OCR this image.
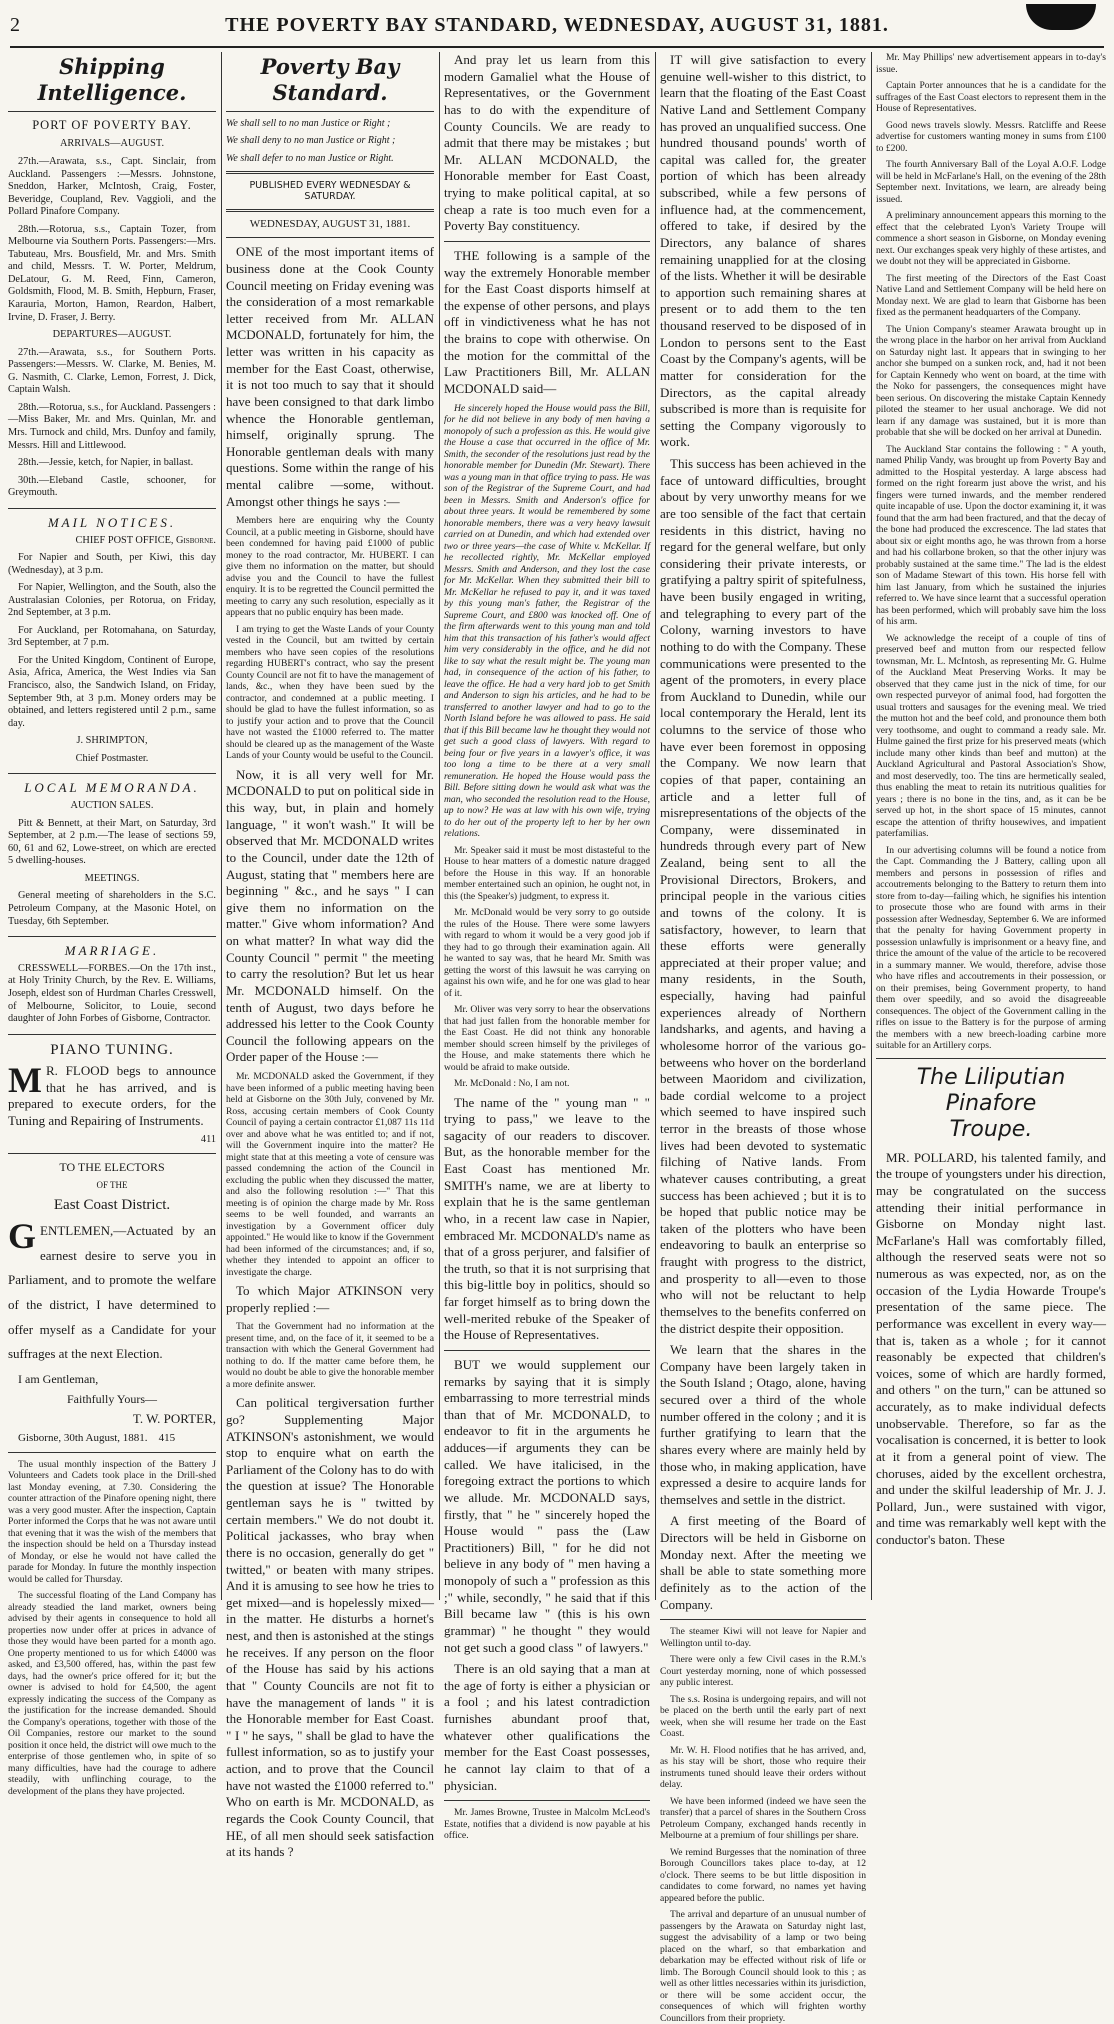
2	THE POVERTY BAY STANDARD, WEDNESDAY, AUGUST 31, 1881.
Shipping Intelligence.

PORT OF POVERTY BAY.

ARRIVALS—AUGUST.

27th.—Arawata, s.s., Capt. Sinclair, from Auckland. Passengers :—Messrs. Johnstone, Sneddon, Harker, McIntosh, Craig, Foster, Beveridge, Coupland, Rev. Vaggioli, and the Pollard Pinafore Company.

28th.—Rotorua, s.s., Captain Tozer, from Melbourne via Southern Ports. Passengers:—Mrs. Tabuteau, Mrs. Bousfield, Mr. and Mrs. Smith and child, Messrs. T. W. Porter, Meldrum, DeLatour, G. M. Reed, Finn, Cameron, Goldsmith, Flood, M. B. Smith, Hepburn, Fraser, Karauria, Morton, Hamon, Reardon, Halbert, Irvine, D. Fraser, J. Berry.

DEPARTURES—AUGUST.

27th.—Arawata, s.s., for Southern Ports. Passengers:—Messrs. W. Clarke, M. Benies, M. G. Nasmith, C. Clarke, Lemon, Forrest, J. Dick, Captain Walsh.

28th.—Rotorua, s.s., for Auckland. Passengers :—Miss Baker, Mr. and Mrs. Quinlan, Mr. and Mrs. Turnock and child, Mrs. Dunfoy and family, Messrs. Hill and Littlewood.

28th.—Jessie, ketch, for Napier, in ballast.

30th.—Eleband Castle, schooner, for Greymouth.

MAIL NOTICES.

CHIEF POST OFFICE, Gisborne.

For Napier and South, per Kiwi, this day (Wednesday), at 3 p.m.

For Napier, Wellington, and the South, also the Australasian Colonies, per Rotorua, on Friday, 2nd September, at 3 p.m.

For Auckland, per Rotomahana, on Saturday, 3rd September, at 7 p.m.

For the United Kingdom, Continent of Europe, Asia, Africa, America, the West Indies via San Francisco, also, the Sandwich Island, on Friday, September 9th, at 3 p.m. Money orders may be obtained, and letters registered until 2 p.m., same day.

J. SHRIMPTON,

Chief Postmaster.

LOCAL MEMORANDA.

AUCTION SALES.

Pitt & Bennett, at their Mart, on Saturday, 3rd September, at 2 p.m.—The lease of sections 59, 60, 61 and 62, Lowe-street, on which are erected 5 dwelling-houses.

MEETINGS.

General meeting of shareholders in the S.C. Petroleum Company, at the Masonic Hotel, on Tuesday, 6th September.

MARRIAGE.

CRESSWELL—FORBES.—On the 17th inst., at Holy Trinity Church, by the Rev. E. Williams, Joseph, eldest son of Hurdman Charles Cresswell, of Melbourne, Solicitor, to Louie, second daughter of John Forbes of Gisborne, Contractor.

PIANO TUNING.

M R. FLOOD begs to announce that he has arrived, and is prepared to execute orders, for the Tuning and Repairing of Instruments.

411

TO THE ELECTORS

OF THE

East Coast District.

GENTLEMEN,—Actuated by an earnest desire to serve you in Parliament, and to promote the welfare of the district, I have determined to offer myself as a Candidate for your suffrages at the next Election.

I am Gentleman,

Faithfully Yours—

T. W. PORTER,

Gisborne, 30th August, 1881. 415

The usual monthly inspection of the Battery J Volunteers and Cadets took place in the Drill-shed last Monday evening, at 7.30. Considering the counter attraction of the Pinafore opening night, there was a very good muster. After the inspection, Captain Porter informed the Corps that he was not aware until that evening that it was the wish of the members that the inspection should be held on a Thursday instead of Monday, or else he would not have called the parade for Monday. In future the monthly inspection would be called for Thursday.

The successful floating of the Land Company has already steadied the land market, owners being advised by their agents in consequence to hold all properties now under offer at prices in advance of those they would have been parted for a month ago. One property mentioned to us for which £4000 was asked, and £3,500 offered, has, within the past few days, had the owner's price offered for it; but the owner is advised to hold for £4,500, the agent expressly indicating the success of the Company as the justification for the increase demanded. Should the Company's operations, together with those of the Oil Companies, restore our market to the sound position it once held, the district will owe much to the enterprise of those gentlemen who, in spite of so many difficulties, have had the courage to adhere steadily, with unflinching courage, to the development of the plans they have projected.

Poverty Bay Standard.

We shall sell to no man Justice or Right ;

We shall deny to no man Justice or Right ;

We shall defer to no man Justice or Right.

PUBLISHED EVERY WEDNESDAY & SATURDAY.

WEDNESDAY, AUGUST 31, 1881.

ONE of the most important items of business done at the Cook County Council meeting on Friday evening was the consideration of a most remarkable letter received from Mr. ALLAN MCDONALD, fortunately for him, the letter was written in his capacity as member for the East Coast, otherwise, it is not too much to say that it should have been consigned to that dark limbo whence the Honorable gentleman, himself, originally sprung. The Honorable gentleman deals with many questions. Some within the range of his mental calibre —some, without. Amongst other things he says :—

Members here are enquiring why the County Council, at a public meeting in Gisborne, should have been condemned for having paid £1000 of public money to the road contractor, Mr. HUBERT. I can give them no information on the matter, but should advise you and the Council to have the fullest enquiry. It is to be regretted the Council permitted the meeting to carry any such resolution, especially as it appears that no public enquiry has been made.

I am trying to get the Waste Lands of your County vested in the Council, but am twitted by certain members who have seen copies of the resolutions regarding HUBERT's contract, who say the present County Council are not fit to have the management of lands, &c., when they have been sued by the contractor, and condemned at a public meeting. I should be glad to have the fullest information, so as to justify your action and to prove that the Council have not wasted the £1000 referred to. The matter should be cleared up as the management of the Waste Lands of your County would be useful to the Council.

Now, it is all very well for Mr. MCDONALD to put on political side in this way, but, in plain and homely language, " it won't wash." It will be observed that Mr. MCDONALD writes to the Council, under date the 12th of August, stating that " members here are beginning " &c., and he says " I can give them no information on the matter." Give whom information? And on what matter? In what way did the County Council " permit " the meeting to carry the resolution? But let us hear Mr. MCDONALD himself. On the tenth of August, two days before he addressed his letter to the Cook County Council the following appears on the Order paper of the House :—

Mr. MCDONALD asked the Government, if they have been informed of a public meeting having been held at Gisborne on the 30th July, convened by Mr. Ross, accusing certain members of Cook County Council of paying a certain contractor £1,087 11s 11d over and above what he was entitled to; and if not, will the Government inquire into the matter? He might state that at this meeting a vote of censure was passed condemning the action of the Council in excluding the public when they discussed the matter, and also the following resolution :—" That this meeting is of opinion the charge made by Mr. Ross seems to be well founded, and warrants an investigation by a Government officer duly appointed." He would like to know if the Government had been informed of the circumstances; and, if so, whether they intended to appoint an officer to investigate the charge.

To which Major ATKINSON very properly replied :—

That the Government had no information at the present time, and, on the face of it, it seemed to be a transaction with which the General Government had nothing to do. If the matter came before them, he would no doubt be able to give the honorable member a more definite answer.

Can political tergiversation further go? Supplementing Major ATKINSON's astonishment, we would stop to enquire what on earth the Parliament of the Colony has to do with the question at issue? The Honorable gentleman says he is " twitted by certain members." We do not doubt it. Political jackasses, who bray when there is no occasion, generally do get " twitted," or beaten with many stripes. And it is amusing to see how he tries to get mixed—and is hopelessly mixed—in the matter. He disturbs a hornet's nest, and then is astonished at the stings he receives. If any person on the floor of the House has said by his actions that " County Councils are not fit to have the management of lands " it is the Honorable member for East Coast. " I " he says, " shall be glad to have the fullest information, so as to justify your action, and to prove that the Council have not wasted the £1000 referred to." Who on earth is Mr. MCDONALD, as regards the Cook County Council, that HE, of all men should seek satisfaction at its hands ?

And pray let us learn from this modern Gamaliel what the House of Representatives, or the Government has to do with the expenditure of County Councils. We are ready to admit that there may be mistakes ; but Mr. ALLAN MCDONALD, the Honorable member for East Coast, trying to make political capital, at so cheap a rate is too much even for a Poverty Bay constituency.

THE following is a sample of the way the extremely Honorable member for the East Coast disports himself at the expense of other persons, and plays off in vindictiveness what he has not the brains to cope with otherwise. On the motion for the committal of the Law Practitioners Bill, Mr. ALLAN MCDONALD said—

He sincerely hoped the House would pass the Bill, for he did not believe in any body of men having a monopoly of such a profession as this. He would give the House a case that occurred in the office of Mr. Smith, the seconder of the resolutions just read by the honorable member for Dunedin (Mr. Stewart). There was a young man in that office trying to pass. He was son of the Registrar of the Supreme Court, and had been in Messrs. Smith and Anderson's office for about three years. It would be remembered by some honorable members, there was a very heavy lawsuit carried on at Dunedin, and which had extended over two or three years—the case of White v. McKellar. If he recollected rightly, Mr. McKellar employed Messrs. Smith and Anderson, and they lost the case for Mr. McKellar. When they submitted their bill to Mr. McKellar he refused to pay it, and it was taxed by this young man's father, the Registrar of the Supreme Court, and £800 was knocked off. One of the firm afterwards went to this young man and told him that this transaction of his father's would affect him very considerably in the office, and he did not like to say what the result might be. The young man had, in consequence of the action of his father, to leave the office. He had a very hard job to get Smith and Anderson to sign his articles, and he had to be transferred to another lawyer and had to go to the North Island before he was allowed to pass. He said that if this Bill became law he thought they would not get such a good class of lawyers. With regard to being four or five years in a lawyer's office, it was too long a time to be there at a very small remuneration. He hoped the House would pass the Bill. Before sitting down he would ask what was the man, who seconded the resolution read to the House, up to now? He was at law with his own wife, trying to do her out of the property left to her by her own relations.

Mr. Speaker said it must be most distasteful to the House to hear matters of a domestic nature dragged before the House in this way. If an honorable member entertained such an opinion, he ought not, in this (the Speaker's) judgment, to express it.

Mr. McDonald would be very sorry to go outside the rules of the House. There were some lawyers with regard to whom it would be a very good job if they had to go through their examination again. All he wanted to say was, that he heard Mr. Smith was getting the worst of this lawsuit he was carrying on against his own wife, and he for one was glad to hear of it.

Mr. Oliver was very sorry to hear the observations that had just fallen from the honorable member for the East Coast. He did not think any honorable member should screen himself by the privileges of the House, and make statements there which he would be afraid to make outside.

Mr. McDonald : No, I am not.

The name of the " young man " " trying to pass," we leave to the sagacity of our readers to discover. But, as the honorable member for the East Coast has mentioned Mr. SMITH's name, we are at liberty to explain that he is the same gentleman who, in a recent law case in Napier, embraced Mr. MCDONALD's name as that of a gross perjurer, and falsifier of the truth, so that it is not surprising that this big-little boy in politics, should so far forget himself as to bring down the well-merited rebuke of the Speaker of the House of Representatives.

BUT we would supplement our remarks by saying that it is simply embarrassing to more terrestrial minds than that of Mr. MCDONALD, to endeavor to fit in the arguments he adduces—if arguments they can be called. We have italicised, in the foregoing extract the portions to which we allude. Mr. MCDONALD says, firstly, that " he " sincerely hoped the House would " pass the (Law Practitioners) Bill, " for he did not believe in any body of " men having a monopoly of such a " profession as this ;" while, secondly, " he said that if this Bill became law " (this is his own grammar) " he thought " they would not get such a good class " of lawyers."

There is an old saying that a man at the age of forty is either a physician or a fool ; and his latest contradiction furnishes abundant proof that, whatever other qualifications the member for the East Coast possesses, he cannot lay claim to that of a physician.

Mr. James Browne, Trustee in Malcolm McLeod's Estate, notifies that a dividend is now payable at his office.

IT will give satisfaction to every genuine well-wisher to this district, to learn that the floating of the East Coast Native Land and Settlement Company has proved an unqualified success. One hundred thousand pounds' worth of capital was called for, the greater portion of which has been already subscribed, while a few persons of influence had, at the commencement, offered to take, if desired by the Directors, any balance of shares remaining unapplied for at the closing of the lists. Whether it will be desirable to apportion such remaining shares at present or to add them to the ten thousand reserved to be disposed of in London to persons sent to the East Coast by the Company's agents, will be matter for consideration for the Directors, as the capital already subscribed is more than is requisite for setting the Company vigorously to work.

This success has been achieved in the face of untoward difficulties, brought about by very unworthy means for we are too sensible of the fact that certain residents in this district, having no regard for the general welfare, but only considering their private interests, or gratifying a paltry spirit of spitefulness, have been busily engaged in writing, and telegraphing to every part of the Colony, warning investors to have nothing to do with the Company. These communications were presented to the agent of the promoters, in every place from Auckland to Dunedin, while our local contemporary the Herald, lent its columns to the service of those who have ever been foremost in opposing the Company. We now learn that copies of that paper, containing an article and a letter full of misrepresentations of the objects of the Company, were disseminated in hundreds through every part of New Zealand, being sent to all the Provisional Directors, Brokers, and principal people in the various cities and towns of the colony. It is satisfactory, however, to learn that these efforts were generally appreciated at their proper value; and many residents, in the South, especially, having had painful experiences already of Northern landsharks, and agents, and having a wholesome horror of the various go-betweens who hover on the borderland between Maoridom and civilization, bade cordial welcome to a project which seemed to have inspired such terror in the breasts of those whose lives had been devoted to systematic filching of Native lands. From whatever causes contributing, a great success has been achieved ; but it is to be hoped that public notice may be taken of the plotters who have been endeavoring to baulk an enterprise so fraught with progress to the district, and prosperity to all—even to those who will not be reluctant to help themselves to the benefits conferred on the district despite their opposition.

We learn that the shares in the Company have been largely taken in the South Island ; Otago, alone, having secured over a third of the whole number offered in the colony ; and it is further gratifying to learn that the shares every where are mainly held by those who, in making application, have expressed a desire to acquire lands for themselves and settle in the district.

A first meeting of the Board of Directors will be held in Gisborne on Monday next. After the meeting we shall be able to state something more definitely as to the action of the Company.

The steamer Kiwi will not leave for Napier and Wellington until to-day.

There were only a few Civil cases in the R.M.'s Court yesterday morning, none of which possessed any public interest.

The s.s. Rosina is undergoing repairs, and will not be placed on the berth until the early part of next week, when she will resume her trade on the East Coast.

Mr. W. H. Flood notifies that he has arrived, and, as his stay will be short, those who require their instruments tuned should leave their orders without delay.

We have been informed (indeed we have seen the transfer) that a parcel of shares in the Southern Cross Petroleum Company, exchanged hands recently in Melbourne at a premium of four shillings per share.

We remind Burgesses that the nomination of three Borough Councillors takes place to-day, at 12 o'clock. There seems to be but little disposition in candidates to come forward, no names yet having appeared before the public.

The arrival and departure of an unusual number of passengers by the Arawata on Saturday night last, suggest the advisability of a lamp or two being placed on the wharf, so that embarkation and debarkation may be effected without risk of life or limb. The Borough Council should look to this ; as well as other littles necessaries within its jurisdiction, or there will be some accident occur, the consequences of which will frighten worthy Councillors from their propriety.

Mr. May Phillips' new advertisement appears in to-day's issue.

Captain Porter announces that he is a candidate for the suffrages of the East Coast electors to represent them in the House of Representatives.

Good news travels slowly. Messrs. Ratcliffe and Reese advertise for customers wanting money in sums from £100 to £200.

The fourth Anniversary Ball of the Loyal A.O.F. Lodge will be held in McFarlane's Hall, on the evening of the 28th September next. Invitations, we learn, are already being issued.

A preliminary announcement appears this morning to the effect that the celebrated Lyon's Variety Troupe will commence a short season in Gisborne, on Monday evening next. Our exchanges speak very highly of these artistes, and we doubt not they will be appreciated in Gisborne.

The first meeting of the Directors of the East Coast Native Land and Settlement Company will be held here on Monday next. We are glad to learn that Gisborne has been fixed as the permanent headquarters of the Company.

The Union Company's steamer Arawata brought up in the wrong place in the harbor on her arrival from Auckland on Saturday night last. It appears that in swinging to her anchor she bumped on a sunken rock, and, had it not been for Captain Kennedy who went on board, at the time with the Noko for passengers, the consequences might have been serious. On discovering the mistake Captain Kennedy piloted the steamer to her usual anchorage. We did not learn if any damage was sustained, but it is more than probable that she will be docked on her arrival at Dunedin.

The Auckland Star contains the following : " A youth, named Philip Vandy, was brought up from Poverty Bay and admitted to the Hospital yesterday. A large abscess had formed on the right forearm just above the wrist, and his fingers were turned inwards, and the member rendered quite incapable of use. Upon the doctor examining it, it was found that the arm had been fractured, and that the decay of the bone had produced the excrescence. The lad states that about six or eight months ago, he was thrown from a horse and had his collarbone broken, so that the other injury was probably sustained at the same time." The lad is the eldest son of Madame Stewart of this town. His horse fell with him last January, from which he sustained the injuries referred to. We have since learnt that a successful operation has been performed, which will probably save him the loss of his arm.

We acknowledge the receipt of a couple of tins of preserved beef and mutton from our respected fellow townsman, Mr. L. McIntosh, as representing Mr. G. Hulme of the Auckland Meat Preserving Works. It may be observed that they came just in the nick of time, for our own respected purveyor of animal food, had forgotten the usual trotters and sausages for the evening meal. We tried the mutton hot and the beef cold, and pronounce them both very toothsome, and ought to command a ready sale. Mr. Hulme gained the first prize for his preserved meats (which include many other kinds than beef and mutton) at the Auckland Agricultural and Pastoral Association's Show, and most deservedly, too. The tins are hermetically sealed, thus enabling the meat to retain its nutritious qualities for years ; there is no bone in the tins, and, as it can be be served up hot, in the short space of 15 minutes, cannot escape the attention of thrifty housewives, and impatient paterfamilias.

In our advertising columns will be found a notice from the Capt. Commanding the J Battery, calling upon all members and persons in possession of rifles and accoutrements belonging to the Battery to return them into store from to-day—failing which, he signifies his intention to prosecute those who are found with arms in their possession after Wednesday, September 6. We are informed that the penalty for having Government property in possession unlawfully is imprisonment or a heavy fine, and thrice the amount of the value of the article to be recovered in a summary manner. We would, therefore, advise those who have rifles and accoutrements in their possession, or on their premises, being Government property, to hand them over speedily, and so avoid the disagreeable consequences. The object of the Government calling in the rifles on issue to the Battery is for the purpose of arming the members with a new breech-loading carbine more suitable for an Artillery corps.

The Liliputian Pinafore
Troupe.

MR. POLLARD, his talented family, and the troupe of youngsters under his direction, may be congratulated on the success attending their initial performance in Gisborne on Monday night last. McFarlane's Hall was comfortably filled, although the reserved seats were not so numerous as was expected, nor, as on the occasion of the Lydia Howarde Troupe's presentation of the same piece. The performance was excellent in every way—that is, taken as a whole ; for it cannot reasonably be expected that children's voices, some of which are hardly formed, and others " on the turn," can be attuned so accurately, as to make individual defects unobservable. Therefore, so far as the vocalisation is concerned, it is better to look at it from a general point of view. The choruses, aided by the excellent orchestra, and under the skilful leadership of Mr. J. J. Pollard, Jun., were sustained with vigor, and time was remarkably well kept with the conductor's baton. These
